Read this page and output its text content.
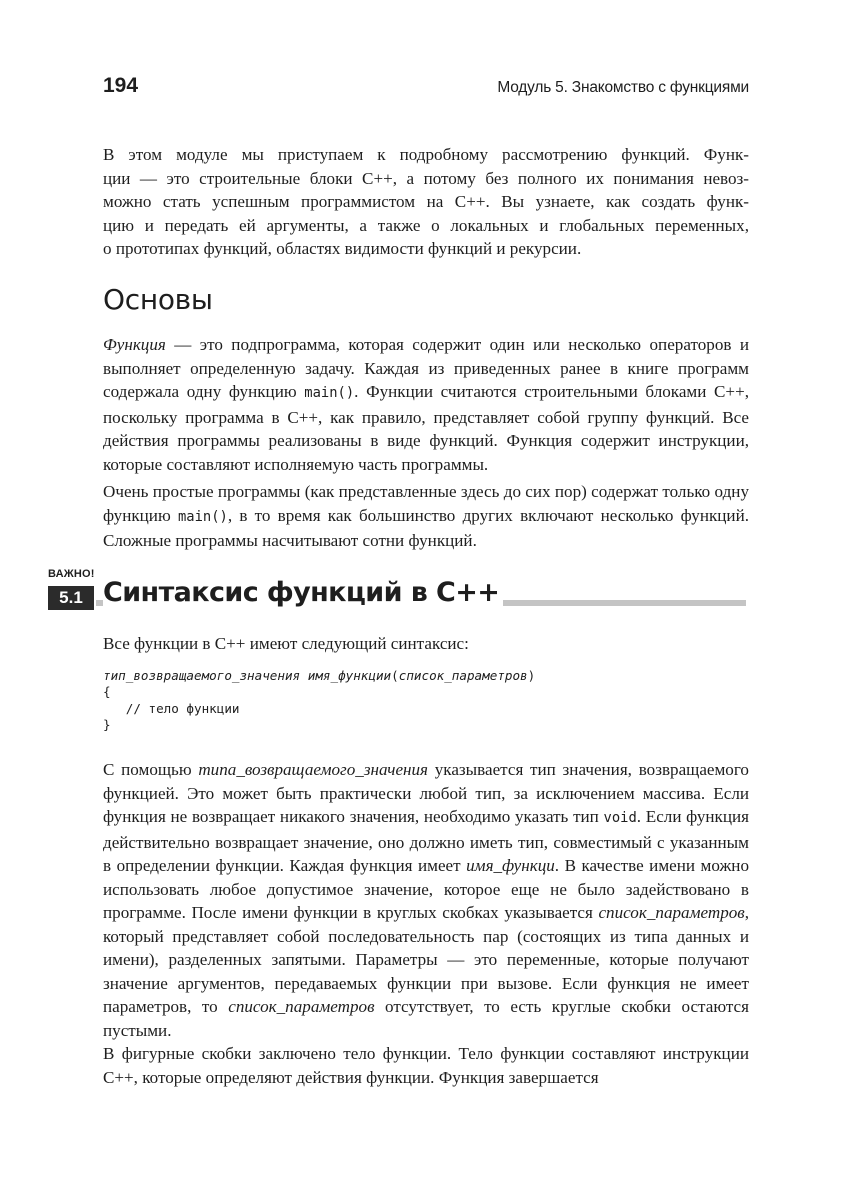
194	Модуль 5. Знакомство с функциями
В этом модуле мы приступаем к подробному рассмотрению функций. Функ-
ции — это строительные блоки С++, а потому без полного их понимания невоз-
можно стать успешным программистом на С++. Вы узнаете, как создать функ-
цию и передать ей аргументы, а также о локальных и глобальных переменных,
о прототипах функций, областях видимости функций и рекурсии.
Основы

Функция — это подпрограмма, которая содержит один или несколько операторов и выполняет определенную задачу. Каждая из приведенных ранее в книге программ содержала одну функцию main(). Функции считаются строительными блоками С++, поскольку программа в С++, как правило, представляет собой группу функций. Все действия программы реализованы в виде функций. Функция содержит инструкции, которые составляют исполняемую часть программы.

Очень простые программы (как представленные здесь до сих пор) содержат только одну функцию main(), в то время как большинство других включают несколько функций. Сложные программы насчитывают сотни функций.

ВАЖНО!
5.1 Синтаксис функций в С++

Все функции в С++ имеют следующий синтаксис:

тип_возвращаемого_значения имя_функции(список_параметров)
{
// тело функции
}

С помощью типа_возвращаемого_значения указывается тип значения, возвращаемого функцией. Это может быть практически любой тип, за исключением массива. Если функция не возвращает никакого значения, необходимо указать тип void. Если функция действительно возвращает значение, оно должно иметь тип, совместимый с указанным в определении функции. Каждая функция имеет имя_функци. В качестве имени можно использовать любое допустимое значение, которое еще не было задействовано в программе. После имени функции в круглых скобках указывается список_параметров, который представляет собой последовательность пар (состоящих из типа данных и имени), разделенных запятыми. Параметры — это переменные, которые получают значение аргументов, передаваемых функции при вызове. Если функция не имеет параметров, то список_параметров отсутствует, то есть круглые скобки остаются пустыми.

В фигурные скобки заключено тело функции. Тело функции составляют инструкции С++, которые определяют действия функции. Функция завершается
